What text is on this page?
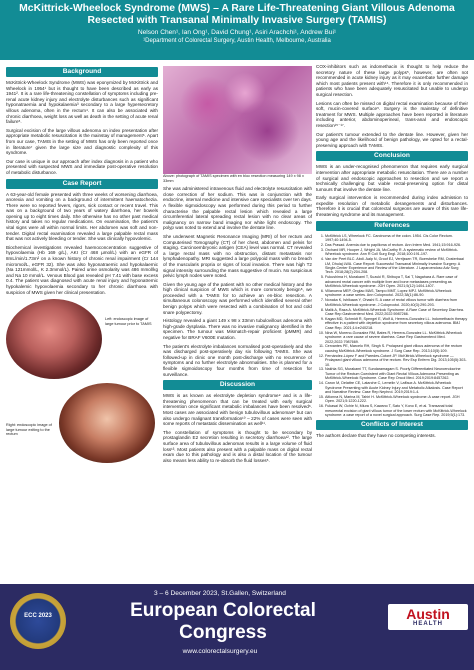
McKittrick-Wheelock Syndrome (MWS) – A Rare Life-Threatening Giant Villous Adenoma
Resected with Transanal Minimally Invasive Surgery (TAMIS)
Nelson Chen¹, Ian Ong¹, David Chung¹, Asiri Arachchi¹, Andrew Bui¹
¹Department of Colorectal Surgery, Austin Health, Melbourne, Australia
Background

McKittrick-Wheelock Syndrome (MWS) was eponymized by McKittrick and Wheelock in 1954¹ but is thought to have been described as early as 1941². It is a rare life-threatening constellation of symptoms including pre-renal acute kidney injury and electrolyte disturbances such as significant hyponatraemia and hypokalaemia³ secondary to a large hypersecretory villous adenoma, often in the rectum⁴. It can also be associated with chronic diarrhoea, weight loss as well as death in the setting of acute renal failure⁵.

Surgical excision of the large villous adenoma on index presentation after appropriate metabolic resuscitation is the mainstay of management⁶. Apart from our case, TAMIS in the setting of MWS has only been reported once in literature⁷ given the large size and diagnostic complexity of this syndrome.

Our case is unique in our approach after index diagnosis in a patient who presented with suspected MWS and immediate post-operative resolution of metabolic disturbance.

Case Report

A 63-year-old female presented with three weeks of worsening diarrhoea, anorexia and vomiting on a background of intermittent haematochezia. There were no reported fevers, rigors, sick contact or recent travel. This was on a background of two years of watery diarrhoea, her bowels opening up to eight times daily. She otherwise has no other past medical history and takes no regular medications. On examination, the patient's vital signs were all within normal limits. Her abdomen was soft and non-tender. Digital rectal examination revealed a large palpable rectal mass that was not actively bleeding or tender. She was clinically hypovolemic.

Biochemical investigations revealed haemoconcentration suggestive of hypovolaemia (Hb 169 g/L), AKI (Cr 468 µmol/L) with an eGFR of 8mL/min/1.73m² on a known history of chronic renal impairment (Cr 144 micromol/L, eGFR 32). She was also hyponatraemic and hypokalaemic (Na 121mmol/L, K 2.3mmol/L). Paired urine osmolarity was 486 mmol/kg and Na 10 mmol/L. Venous Blood gas revealed pH 7.41 with base excess 0.4. The patient was diagnosed with acute renal injury and hyponatremic hypokalemic hypovolaemia secondary to her chronic diarrhoea with suspicion of MWS given her clinical presentation.

Left: endoscopic image of large tumour prior to TAMIS
Right: endoscopic image of large tumour exiting to the rectum
Above: photograph of TAMIS specimen with en bloc resection measuring 149 x 98 x 33mm

She was administered intravenous fluid and electrolyte resuscitation with close correction of her sodium. This was in conjunction with the endocrine, internal medicine and intensive care specialists over ten days. A flexible sigmoidoscopy was performed during this period to further characterise the palpable rectal lesion which revealed a large circumferential lateral spreading rectal lesion with no clear areas of malignancy on narrow band imaging nor white light endoscopy. The polyp was noted to extend and involve the dentate line.

She underwent Magnetic Resonance Imaging (MRI) of her rectum and Computerised Tomography (CT) of her chest, abdomen and pelvis for staging. Carcinoembryonic antigen (CEA) level was normal. CT revealed a large rectal mass with no obstruction, distant metastasis nor lymphadenopathy. MRI suggested a large polypoid mass with no breach of the muscularis propria or signs of local invasion. There was high T2 signal intensity surrounding the mass suggestive of mucin. No suspicious pelvic lymph nodes were noted.

Given the young age of the patient with no other medical history and the high clinical suspicion of MWS which is more commonly benign⁸, we proceeded with a TAMIS for to achieve an en-bloc resection. A simultaneous colonoscopy was performed which identified several other benign polyps which were resected with a combination of hot and cold snare polypectomy.

Histology revealed a giant 149 x 98 x 33mm tubulovillous adenoma with high-grade dysplasia. There was no invasive malignancy identified in the specimen. The tumour was Mismatch-repair proficient (pMMR) and negative for BRAF V600E mutation.

The patient's electrolyte imbalances normalised post-operatively and she was discharged post-operatively day six following TAMIS. She was followed-up in clinic one month post-discharge with no recurrence of symptoms and no further electrolyte abnormalities. She is planned for a flexible sigmoidoscopy four months from time of resection for surveillance.

Discussion

MWS is as known as electrolyte depletion syndrome⁹ and is a life-threatening phenomenon that can be treated with early surgical intervention once significant metabolic imbalances have been resolved⁶. Most cases are associated with benign tubulovillous adenomas⁸ but can also undergo malignant transformation¹⁰ – 22% of cases were seen with some reports of metastatic dissemination as well¹¹.

The constellation of symptoms is thought to be secondary by prostaglandin E2 secretion resulting in secretory diarrhoea¹². The large surface area of tubulovillous adenomas results in a large volume of fluid loss¹³. Most patients also present with a palpable mass on digital rectal exam due to this pathology and is also a distal location of the tumour also means less ability to re-absorb the fluid losses⁶.

COX-inhibitors such as indomethacin is thought to help reduce the secretory nature of these large polyps⁵, however, are often not recommended in acute kidney injury as it may exacerbate further damage which most patients present with¹⁴. Therefore it is only recommended in patients who have been adequately resuscitated but unable to undergo surgical resection.

Lesions can often be missed on digital rectal examination because of their soft, mucin-covered surface⁵. Surgery is the mainstay of definitive treatment for MWS. Multiple approaches have been reported in literature including anterior, abdominoperineal, trans-anal and endoscopic resection¹⁵⁻¹⁷.

Our patient's tumour extended to the dentate line. However, given her young age and the likelihood of benign pathology, we opted for a rectal-preserving approach with TAMIS.

Conclusion

MWS is an under-recognised phenomenon that requires early surgical intervention after appropriate metabolic resuscitation. There are a number of surgical and endoscopic approaches to resection and we report a technically challenging but viable rectal-preserving option for distal tumours that involve the dentate line.

Early surgical intervention is recommended during index admission to expedite resolution of metabolic derangements and disturbances. Therefore it is crucial that colorectal surgeons are aware of this rare life-threatening syndrome and its management.

References
1. McKittrick LS, Wheelock FC. Carcinoma of the colon. 1954. Cis Color Rectum. 1997;40:1494-5.
2. Das Prasad. Anemia due to papilloma of rectum. Ann Intern Med. 1941;15:916-926.
3. Orchard MR, Hooper J, Wright JA, McCarthy R. A systematic review of McKittrick-Wheelock syndrome. Ann R Coll Surg Engl. 2018;100:191-197.
4. Van der Peet BLC. Abdi. Aalp N, Groof EJ, Verrijssen TR, Boersbeke RM, Oosterbaai LM, Dhulaj LWA. Case Report: Successful Transanal Minimally Invasive Surgery: A Single-Center Experience and Review of the Literature. J Laparoendosc Adv Surg Tech. 2018;28(2):204-208.
5. Fukushima H, Murakami T, Suzuki R, Shibuya T, Sai T, Nagahara A. Rare case of advanced rectal cancer with multiple liver and bone metastases presenting as McKittrick-Wheelock syndrome. JGH Open. 2021;5(12):1404-1407.
6. Villanueva MEP, Onglao MAS, Tampo MMT, Lopez MPJ. McKittrick-Wheelock syndrome: a case series. Ann Coloproctol. 2022;38(1):86-90.
7. Nonaka K, Ishikawa Y, Ohashi S. A case of rectal villous tumor with diarrhea from McKittrick-Wheelock syndrome. J Coloproctol. 2020;40(3):290-293.
8. Malik A, Raza A. McKittrick-Wheelock Syndrome: A Rare Case of Secretory Diarrhea. Case Rep Gastroenterol Med. 2022;2022:5987266.
9. Kagan MD, Schmidt R, Spengel E, Wolf A, Herrera-Gonzalez LL. Indomethacin therapy effective in a patient with depletion syndrome from secretory villous adenoma. BMJ Case Rep. 2021;14:e240218.
10. Nina W, Moreno-Gonzalez RM, Bates R, Herrera-Gonzalez LL. McKittrick-Wheelock syndrome: a rare cause of severe diarrhea. Case Rep Gastroenterol Med. 2022;2022:7987669.
11. Cervantes PE, Marcelo RH, Singh S. Prolapsed giant villous adenoma of the rectum causing McKittrick-Wheelock syndrome. J Surg Case Rep. 2013;10(5):109.
12. Fernández-López F and Paredes-Cotoré JP. McKittrick-Wheelock syndrome — Prolapsed giant villous adenoma of the rectum. Rev Esp Enferm Dig. 2013;105(5):303-10.
13. Nakhla SG, Murakami TT, Sundaramagam S. Poorly Differentiated Neuroendocrine Tumor of the Rectum Coexistent with Giant Rectal Villous Adenoma Presenting as McKittrick-Wheelock Syndrome. Case Rep Oncol Med. 2019;2019:8457262.
14. Caron M, Delattre CE, Latarche C, Lemelin V, Laffaux A. McKittrick-Wheelock Syndrome Presenting with Acute Kidney Injury and Metabolic Alkalosis. Case Report and Narrative Review. Case Rep Nephrol. 2019;2019:1-4.
15. Aitlonna N, Marina M, Tahiri H. McKittrick-Wheelock syndrome: A case report. JGH Open. 2021;5:1220-1222.
16. Fukasai W, Ochie N, Miura S, Kawano T, Sato Y, Kono E, et al. Transanal total mesorectal excision of giant villous tumor of the lower rectum with McKittrick-Wheelock syndrome: a case report of a novel surgical approach. Surg Case Rep. 2019;5(1):173.
Conflicts of Interest

The authors declare that they have no competing interests.

ECC 2023
3 – 6 December 2023, St.Gallen, Switzerland
European Colorectal
Congress
www.colorectalsurgery.eu
Austin
HEALTH
